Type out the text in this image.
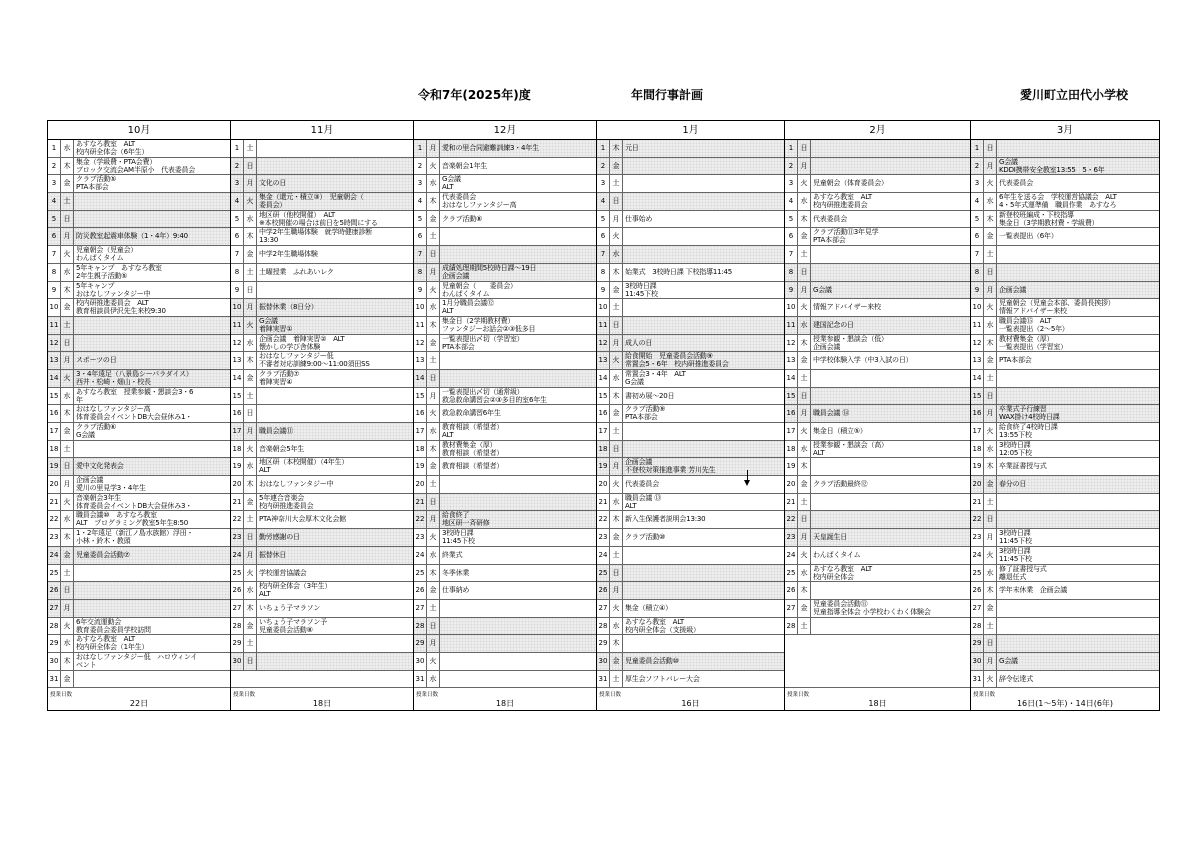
令和7年(2025年)度	年間行事計画	愛川町立田代小学校
10月
1	水 あすなろ教室　ALT
校内研全体会（6年生）
2	木 集金（学級費・PTA会費）
ブロック交流会AM半原小　代表委員会
3	金 クラブ活動⑤
PTA本部会
4	土
5	日
6	月 防災教室起震車体験（1・4年）9:40
7	火 児童朝会（児童会）
わんぱくタイム
8	水 5年キャンプ　あすなろ教室
2年生親子活動⑤
9	木 5年キャンプ
おはなしファンタジー中
10 金 校内研推進委員会　ALT
教育相談員伊沢先生来校9:30
11 土
12 日
13 月 スポーツの日
14 火 3・4年遠足（八景島シーパラダイス）
西井・松崎・畑山・校長
15 水 あすなろ教室　授業参観・懇談会3・6
年
16 木 おはなしファンタジー高
体育委員会イベントDB大会昼休み1・
17 金 クラブ活動⑥
G会議
18 土
19 日 愛中文化発表会
20 月 企画会議
愛川の里見学3・4年生
21 火 音楽朝会3年生
体育委員会イベントDB大会昼休み3・
22 水 職員会議⑩　あすなろ教室
ALT　プログラミング教室5年生8:50
23 木 1・2年遠足（新江ノ島水族館）浮田・
小林・鈴木・教頭
24 金 児童委員会活動⑦
25 土
26 日
27 月
28 火 6年交流運動会
教育委員会委員学校訪問
29 水 あすなろ教室　ALT
校内研全体会（1年生）
30 木 おはなしファンタジー低　ハロウィンイ
ベント
31 金
授業日数
22日
11月
1	土
2	日
3	月 文化の日
4	火 集金（還元・積立③）　児童朝会（
委員会）
5	水 地区研（他校開催）　ALT
※本校開催の場合は前日を5時間にする
6	木 中学2年生職場体験　就学時健康診断
13:30
7	金 中学2年生職場体験
8	土 土曜授業　ふれあいレク
9	日
10 月 振替休業（8日分）
11 火 G会議
着陣実習①
12 水 企画会議　着陣実習②　ALT
懐かしの学び舎体験
13 木 おはなしファンタジー低
不審者対応訓練9:00～11:00須田SS
14 金 クラブ活動⑦
着陣実習④
15 土
16 日
17 月 職員会議⑪
18 火 音楽朝会5年生
19 水 地区研（本校開催）（4年生）
ALT
20 木 おはなしファンタジー中
21 金 5年連合音楽会
校内研推進委員会
22 土 PTA神奈川大会厚木文化会館
23 日 勤労感謝の日
24 月 振替休日
25 火 学校運営協議会
26 水 校内研全体会（3年生）
ALT
27 木 いちょう子マラソン
28 金 いちょう子マラソン予
児童委員会活動⑧
29 土
30 日
授業日数
18日
12月
1	月 愛和の里合同避難訓練3・4年生
2	火 音楽朝会1年生
3	水 G会議
ALT
4	木 代表委員会
おはなしファンタジー高
5	金 クラブ活動⑧
6	土
7	日
8	月 成績処理期間5校時日課～19日
企画会議
9	火 児童朝会（　　委員会）
わんぱくタイム
10 水 1月分職員会議⑫
ALT
11 木 集金日（2学期教材費）
ファンタジーお話会②③低多目
12 金 一覧表提出〆切（学習室）
PTA本部会
13 土
14 日
15 月 一覧表提出〆切（通常級）
救急救命講習会②③多目的室6年生
16 火 救急救命講習6年生
17 水 教育相談（希望者）
ALT
18 木 教材費集金（厚）
教育相談（希望者）
19 金 教育相談（希望者）
20 土
21 日
22 月 給食終了
地区研一斉研修
23 火 3校時日課
11:45下校
24 水 終業式
25 木 冬季休業
26 金 仕事納め
27 土
28 日
29 月
30 火
31 水
授業日数
18日
1月
1	木 元日
2	金
3	土
4	日
5	月 仕事始め
6	火
7	水
8	木 始業式　3校時日課 下校指導11:45
9	金 3校時日課
11:45下校
10 土
11 日
12 月 成人の日
13 火 給食開始　児童委員会活動⑨
常置会5・6年　校内研推進委員会
14 水 常置会3・4年　ALT
G会議
15 木 書初め展～20日
16 金 クラブ活動⑨
PTA本部会
17 土
18 日
19 月 企画会議
不登校対策推進事業 芳川先生
20 火 代表委員会
21 水 職員会議 ⑬
ALT
22 木 新入生保護者説明会13:30
23 金 クラブ活動⑩
24 土
25 日
26 月
27 火 集金（積立④）
28 水 あすなろ教室　ALT
校内研全体会（支援級）
29 木
30 金 児童委員会活動⑩
31 土 厚生会ソフトバレー大会
授業日数
16日
2月
1	日
2	月
3	火 児童朝会（体育委員会）
4	水 あすなろ教室　ALT
校内研推進委員会
5	木 代表委員会
6	金 クラブ活動⑪3年見学
PTA本部会
7	土
8	日
9	月 G会議
10 火 情報アドバイザー来校
11 水 建国記念の日
12 木 授業参観・懇談会（低）
企画会議
13 金 中学校体験入学（中3入試の日）
14 土
15 日
16 月 職員会議 ⑭
17 火 集金日（積立⑤）
18 水 授業参観・懇談会（高）
ALT
19 木
20 金 クラブ活動最終⑫
21 土
22 日
23 月 天皇誕生日
24 火 わんぱくタイム
25 水 あすなろ教室　ALT
校内研全体会
26 木
27 金 児童委員会活動⑪
児童指導全体会 小学校わくわく体験会
28 土
授業日数
18日
3月
1	日
2	月 G会議
KDDI携帯安全教室13:55　5・6年
3	火 代表委員会
4	水 6年生を送る会　学校運営協議会　ALT
4・5年式運準備　職員作業　あすなろ
5	木 新登校班編成・下校指導
集金日（3学期教材費・学級費）
6	金 一覧表提出（6年）
7	土
8	日
9	月 企画会議
10 火 児童朝会（児童会本部、委員長挨拶）
情報アドバイザー来校
11 水 職員会議⑮　ALT
一覧表提出（2～5年）
12 木 教材費集金（厚）
一覧表提出（学習室）
13 金 PTA本部会
14 土
15 日
16 月 卒業式予行練習
WAX掛け4校時日課
17 火 給食終了4校時日課
13:55下校
18 水 3校時日課
12:05下校
19 木 卒業証書授与式
20 金 春分の日
21 土
22 日
23 月 3校時日課
11:45下校
24 火 3校時日課
11:45下校
25 水 修了証書授与式
離退任式
26 木 学年末休業　企画会議
27 金
28 土
29 日
30 月 G会議
31 火 辞令伝達式
授業日数
16日(1～5年)・14日(6年)
